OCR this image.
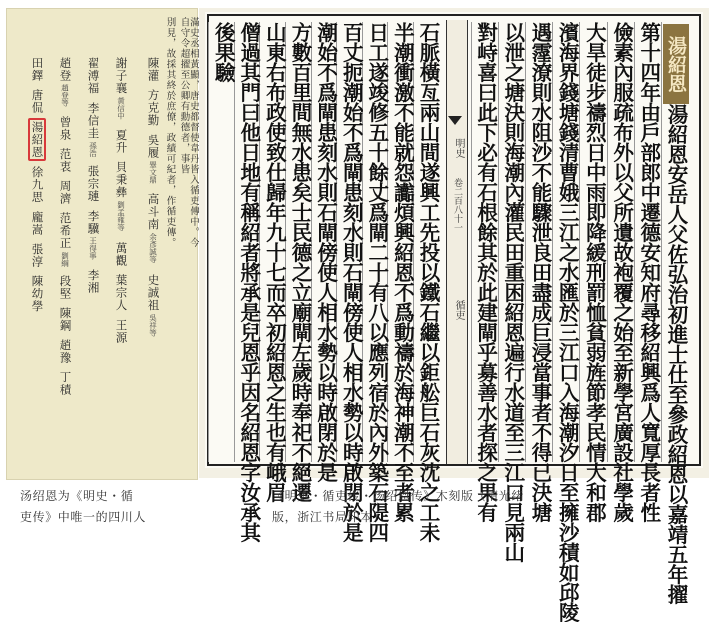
滿史丞相黃顯，唐史都督使韋丹皆入循吏傳中。今自守令超擢至公卿有勳德者，事皆
別見，故採其終於庶僚，政績可紀者，作循吏傳。
陳灌
方克勤
吳履
畢文鼎
高斗南
余彥誠等
史誠祖
吳祥等
謝子襄
黃信中
夏升
貝秉彝
劉孟雍等
萬觀
葉宗人
王源
翟溥福
李信圭
孫浩
張宗璉
李驥
王得寧
李湘
趙登
趙登等
曾泉
范衷
周濟
范希正
劉綱
段堅
陳鋼
趙豫
丁積
田鐸
唐侃
湯紹恩
徐九思
龐嵩
張淳
陳幼學	湯紹恩安岳人父佐弘治初進士仕至參政紹恩以嘉靖五年擢
第十四年由戶部郎中遷德安知府尋移紹興爲人寬厚長者性
儉素內服疏布外以父所遺故袍覆之始至新學宮廣設社學歲
大旱徒步禱烈日中雨即降緩刑罰恤貧弱旌節孝民情大和郡
濱海界錢塘錢清曹娥三江之水匯於三江口入海潮汐日至擁沙積如邱陵
遇霪潦則水阻沙不能驟泄良田盡成巨浸當事者不得已決塘
以泄之塘決則海潮內灌民田重困紹恩遍行水道至三江口見兩山
對峙喜曰此下必有石根餘其於此建閘乎募善水者探之果有
明史
卷二百八十一
循吏
石脈橫亙兩山間遂興工先投以鐵石繼以鉅舩巨石灰沈之工未
半潮衝激不能就怨讟煩興紹恩不爲動禱於海神潮不至者累
日工遂竣修五十餘丈爲閘二十有八以應列宿於內外築石隄四
百丈扼潮始不爲閘患刻水則石閘傍使人相水勢以時啟閉於是
潮始不爲閘患刻水則石閘傍使人相水勢以時啟閉於是
方數百里間無水患矣士民德之立廟閘左歲時奉祀不絕遷
山東右布政使致仕歸年九十七而卒初紹恩之生也有峨眉
僧過其門曰他日地有稱紹者將承是兒恩乎因名紹恩字汝承其
後果驗	湯紹恩
汤绍恩为《明史・循
吏传》中唯一的四川人
《明史・循吏传・汤绍恩传》木刻版（清光绪
版，浙江书局印本）
